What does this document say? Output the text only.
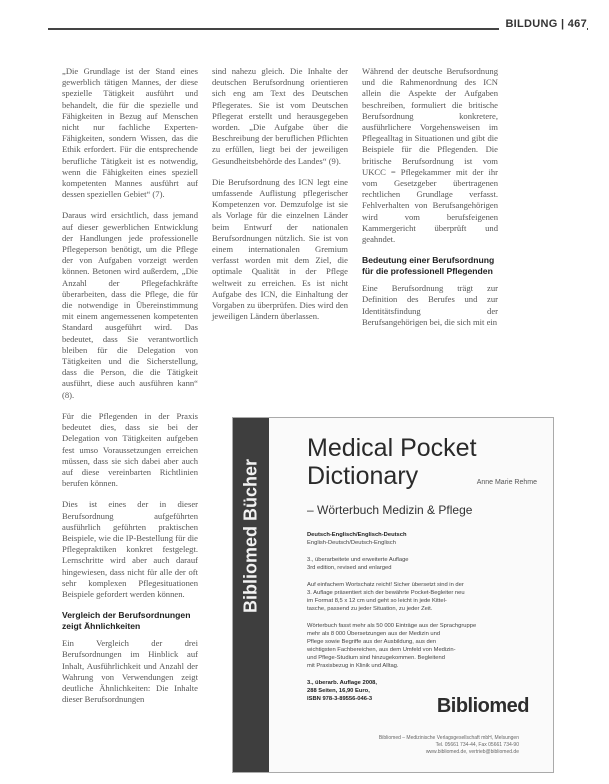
BILDUNG | 467

„Die Grundlage ist der Stand eines gewerblich tätigen Mannes, der diese spezielle Tätigkeit ausführt und behandelt, die für die spezielle und Fähigkeiten in Bezug auf Menschen nicht nur fachliche Experten-Fähigkeiten, sondern Wissen, das die Ethik erfordert. Für die entsprechende berufliche Tätigkeit ist es notwendig, wenn die Fähigkeiten eines speziell kompetenten Mannes ausführt auf dessen speziellen Gebiet“ (7).

Daraus wird ersichtlich, dass jemand auf dieser gewerblichen Entwicklung der Handlungen jede professionelle Pflegeperson benötigt, um die Pflege der von Aufgaben vorzeigt werden können. Betonen wird außerdem, „Die Anzahl der Pflegefachkräfte überarbeiten, dass die Pflege, die für die notwendige in Übereinstimmung mit einem angemessenen kompetenten Standard ausgeführt wird. Das bedeutet, dass Sie verantwortlich bleiben für die Delegation von Tätigkeiten und die Sicherstellung, dass die Person, die die Tätigkeit ausführt, diese auch ausführen kann“ (8).

Für die Pflegenden in der Praxis bedeutet dies, dass sie bei der Delegation von Tätigkeiten aufgeben fest umso Voraussetzungen erreichen müssen, dass sie sich dabei aber auch auf diese vereinbarten Richtlinien berufen können.

Dies ist eines der in dieser Berufsordnung aufgeführten ausführlich geführten praktischen Beispiele, wie die IP-Bestellung für die Pflegepraktiken konkret festgelegt. Lernschritte wird aber auch darauf hingewiesen, dass nicht für alle der oft sehr komplexen Pflegesituationen Beispiele gefordert werden können.

Vergleich der Berufsordnungen zeigt Ähnlichkeiten

Ein Vergleich der drei Berufsordnungen im Hinblick auf Inhalt, Ausführlichkeit und Anzahl der Wahrung von Verwendungen zeigt deutliche Ähnlichkeiten: Die Inhalte dieser Berufsordnungen

sind nahezu gleich. Die Inhalte der deutschen Berufsordnung orientieren sich eng am Text des Deutschen Pflegerates. Sie ist vom Deutschen Pflegerat erstellt und herausgegeben worden. „Die Aufgabe über die Beschreibung der beruflichen Pflichten zu erfüllen, liegt bei der jeweiligen Gesundheitsbehörde des Landes“ (9).

Die Berufsordnung des ICN legt eine umfassende Auflistung pflegerischer Kompetenzen vor. Demzufolge ist sie als Vorlage für die einzelnen Länder beim Entwurf der nationalen Berufsordnungen nützlich. Sie ist von einem internationalen Gremium verfasst worden mit dem Ziel, die optimale Qualität in der Pflege weltweit zu erreichen. Es ist nicht Aufgabe des ICN, die Einhaltung der Vorgaben zu überprüfen. Dies wird den jeweiligen Ländern überlassen.

Während der deutsche Berufsordnung und die Rahmenordnung des ICN allein die Aspekte der Aufgaben beschreiben, formuliert die britische Berufsordnung konkretere, ausführlichere Vorgehensweisen im Pflegealltag in Situationen und gibt die Beispiele für die Pflegenden. Die britische Berufsordnung ist vom UKCC = Pflegekammer mit der ihr vom Gesetzgeber übertragenen rechtlichen Grundlage verfasst. Fehlverhalten von Berufsangehörigen wird vom berufsfeigenen Kammergericht überprüft und geahndet.

Bedeutung einer Berufsordnung für die professionell Pflegenden

Eine Berufsordnung trägt zur Definition des Berufes und zur Identitätsfindung der Berufsangehörigen bei, die sich mit ein

Bibliomed Bücher
Medical Pocket
Dictionary	Anne Marie Rehme
– Wörterbuch Medizin & Pflege
Deutsch-Englisch/Englisch-Deutsch
English-Deutsch/Deutsch-Englisch
3., überarbeitete und erweiterte Auflage
3rd edition, revised and enlarged
Auf einfachem Wortschatz reicht! Sicher übersetzt sind in der
3. Auflage präsentiert sich der bewährte Pocket-Begleiter neu
im Format 8,5 x 12 cm und geht so leicht in jede Kittel-
tasche, passend zu jeder Situation, zu jeder Zeit.
Wörterbuch fasst mehr als 50 000 Einträge aus der Sprachgruppe
mehr als 8 000 Übersetzungen aus der Medizin und
Pflege sowie Begriffe aus der Ausbildung, aus den
wichtigsten Fachbereichen, aus dem Umfeld von Medizin-
und Pflege-Studium sind hinzugekommen. Begleitend
mit Praxisbezug in Klinik und Alltag.
3., überarb. Auflage 2008,
288 Seiten, 16,90 Euro,
ISBN 978-3-89556-046-3	Bibliomed
Bibliomed – Medizinische Verlagsgesellschaft mbH, Melsungen
Tel. 05661 734-44, Fax 05661 734-90
www.bibliomed.de, vertrieb@bibliomed.de
